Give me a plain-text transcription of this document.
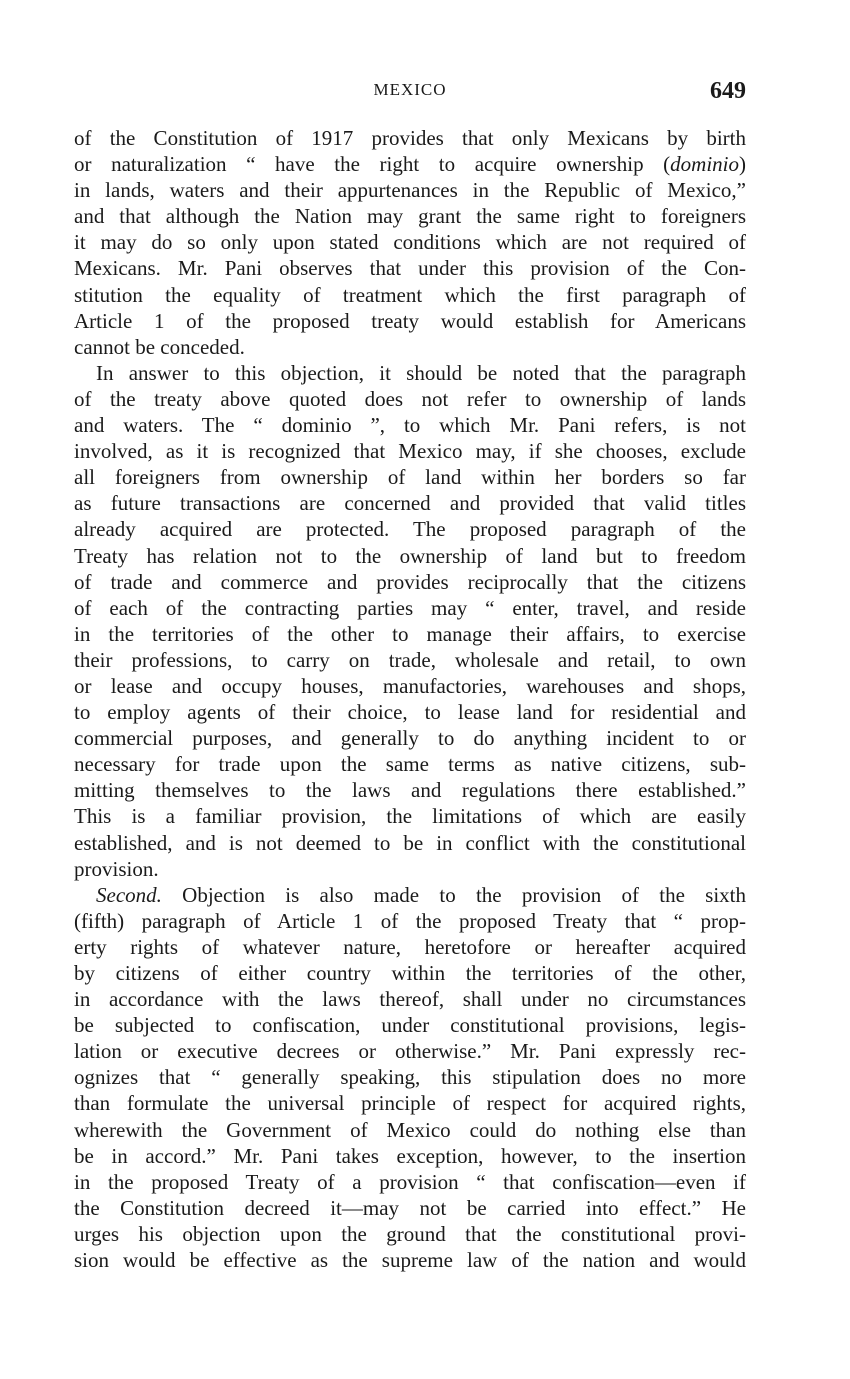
MEXICO	649

of the Constitution of 1917 provides that only Mexicans by birth
or naturalization “ have the right to acquire ownership (dominio)
in lands, waters and their appurtenances in the Republic of Mexico,”
and that although the Nation may grant the same right to foreigners
it may do so only upon stated conditions which are not required of
Mexicans. Mr. Pani observes that under this provision of the Con-
stitution the equality of treatment which the first paragraph of
Article 1 of the proposed treaty would establish for Americans
cannot be conceded.

In answer to this objection, it should be noted that the paragraph
of the treaty above quoted does not refer to ownership of lands
and waters. The “ dominio ”, to which Mr. Pani refers, is not
involved, as it is recognized that Mexico may, if she chooses, exclude
all foreigners from ownership of land within her borders so far
as future transactions are concerned and provided that valid titles
already acquired are protected. The proposed paragraph of the
Treaty has relation not to the ownership of land but to freedom
of trade and commerce and provides reciprocally that the citizens
of each of the contracting parties may “ enter, travel, and reside
in the territories of the other to manage their affairs, to exercise
their professions, to carry on trade, wholesale and retail, to own
or lease and occupy houses, manufactories, warehouses and shops,
to employ agents of their choice, to lease land for residential and
commercial purposes, and generally to do anything incident to or
necessary for trade upon the same terms as native citizens, sub-
mitting themselves to the laws and regulations there established.”
This is a familiar provision, the limitations of which are easily
established, and is not deemed to be in conflict with the constitutional
provision.

Second. Objection is also made to the provision of the sixth
(fifth) paragraph of Article 1 of the proposed Treaty that “ prop-
erty rights of whatever nature, heretofore or hereafter acquired
by citizens of either country within the territories of the other,
in accordance with the laws thereof, shall under no circumstances
be subjected to confiscation, under constitutional provisions, legis-
lation or executive decrees or otherwise.” Mr. Pani expressly rec-
ognizes that “ generally speaking, this stipulation does no more
than formulate the universal principle of respect for acquired rights,
wherewith the Government of Mexico could do nothing else than
be in accord.” Mr. Pani takes exception, however, to the insertion
in the proposed Treaty of a provision “ that confiscation—even if
the Constitution decreed it—may not be carried into effect.” He
urges his objection upon the ground that the constitutional provi-
sion would be effective as the supreme law of the nation and would
